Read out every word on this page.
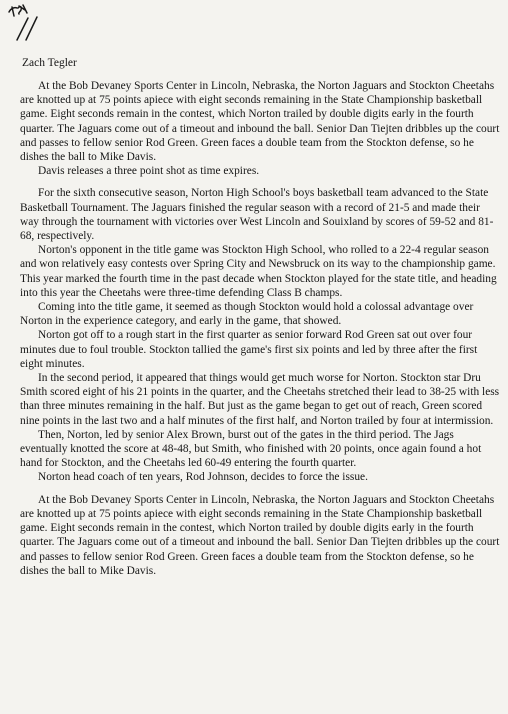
Zach Tegler

At the Bob Devaney Sports Center in Lincoln, Nebraska, the Norton Jaguars and Stockton Cheetahs are knotted up at 75 points apiece with eight seconds remaining in the State Championship basketball game. Eight seconds remain in the contest, which Norton trailed by double digits early in the fourth quarter. The Jaguars come out of a timeout and inbound the ball. Senior Dan Tiejten dribbles up the court and passes to fellow senior Rod Green. Green faces a double team from the Stockton defense, so he dishes the ball to Mike Davis.

Davis releases a three point shot as time expires.

For the sixth consecutive season, Norton High School's boys basketball team advanced to the State Basketball Tournament. The Jaguars finished the regular season with a record of 21-5 and made their way through the tournament with victories over West Lincoln and Souixland by scores of 59-52 and 81-68, respectively.

Norton's opponent in the title game was Stockton High School, who rolled to a 22-4 regular season and won relatively easy contests over Spring City and Newsbruck on its way to the championship game. This year marked the fourth time in the past decade when Stockton played for the state title, and heading into this year the Cheetahs were three-time defending Class B champs.

Coming into the title game, it seemed as though Stockton would hold a colossal advantage over Norton in the experience category, and early in the game, that showed.

Norton got off to a rough start in the first quarter as senior forward Rod Green sat out over four minutes due to foul trouble. Stockton tallied the game's first six points and led by three after the first eight minutes.

In the second period, it appeared that things would get much worse for Norton. Stockton star Dru Smith scored eight of his 21 points in the quarter, and the Cheetahs stretched their lead to 38-25 with less than three minutes remaining in the half. But just as the game began to get out of reach, Green scored nine points in the last two and a half minutes of the first half, and Norton trailed by four at intermission.

Then, Norton, led by senior Alex Brown, burst out of the gates in the third period. The Jags eventually knotted the score at 48-48, but Smith, who finished with 20 points, once again found a hot hand for Stockton, and the Cheetahs led 60-49 entering the fourth quarter.

Norton head coach of ten years, Rod Johnson, decides to force the issue.

At the Bob Devaney Sports Center in Lincoln, Nebraska, the Norton Jaguars and Stockton Cheetahs are knotted up at 75 points apiece with eight seconds remaining in the State Championship basketball game. Eight seconds remain in the contest, which Norton trailed by double digits early in the fourth quarter. The Jaguars come out of a timeout and inbound the ball. Senior Dan Tiejten dribbles up the court and passes to fellow senior Rod Green. Green faces a double team from the Stockton defense, so he dishes the ball to Mike Davis.
